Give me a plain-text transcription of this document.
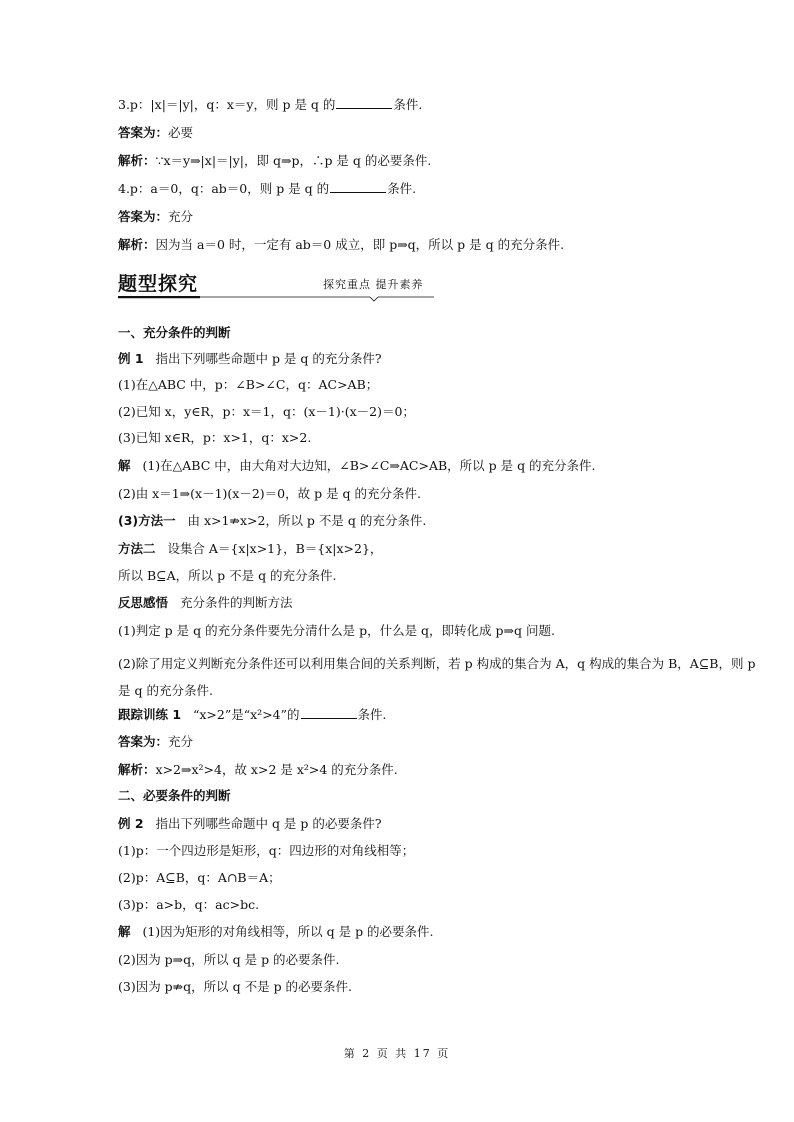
3.p：|x|＝|y|，q：x＝y，则 p 是 q 的	条件.
答案为：必要
解析：∵x＝y⇒|x|＝|y|，即 q⇒p，∴p 是 q 的必要条件.
4.p：a＝0，q：ab＝0，则 p 是 q 的	条件.
答案为：充分
解析：因为当 a＝0 时，一定有 ab＝0 成立，即 p⇒q，所以 p 是 q 的充分条件.
题型探究	探究重点 提升素养
一、充分条件的判断
例 1 指出下列哪些命题中 p 是 q 的充分条件?
(1)在△ABC 中，p：∠B>∠C，q：AC>AB；
(2)已知 x，y∈R，p：x＝1，q：(x－1)·(x－2)＝0；
(3)已知 x∈R，p：x>1，q：x>2.
解 (1)在△ABC 中，由大角对大边知，∠B>∠C⇒AC>AB，所以 p 是 q 的充分条件.
(2)由 x＝1⇒(x－1)(x－2)＝0，故 p 是 q 的充分条件.
(3)方法一 由 x>1⇏x>2，所以 p 不是 q 的充分条件.
方法二 设集合 A＝{x|x>1}，B＝{x|x>2}，
所以 B⊆A，所以 p 不是 q 的充分条件.
反思感悟 充分条件的判断方法
(1)判定 p 是 q 的充分条件要先分清什么是 p，什么是 q，即转化成 p⇒q 问题.
(2)除了用定义判断充分条件还可以利用集合间的关系判断，若 p 构成的集合为 A，q 构成的集合为 B，A⊆B，则 p 是 q 的充分条件.
跟踪训练 1 “x>2”是“x²>4”的	条件.
答案为：充分
解析：x>2⇒x²>4，故 x>2 是 x²>4 的充分条件.
二、必要条件的判断
例 2 指出下列哪些命题中 q 是 p 的必要条件?
(1)p：一个四边形是矩形，q：四边形的对角线相等；
(2)p：A⊆B，q：A∩B＝A；
(3)p：a>b，q：ac>bc.
解 (1)因为矩形的对角线相等，所以 q 是 p 的必要条件.
(2)因为 p⇒q，所以 q 是 p 的必要条件.
(3)因为 p⇏q，所以 q 不是 p 的必要条件.
第 2 页 共 17 页
